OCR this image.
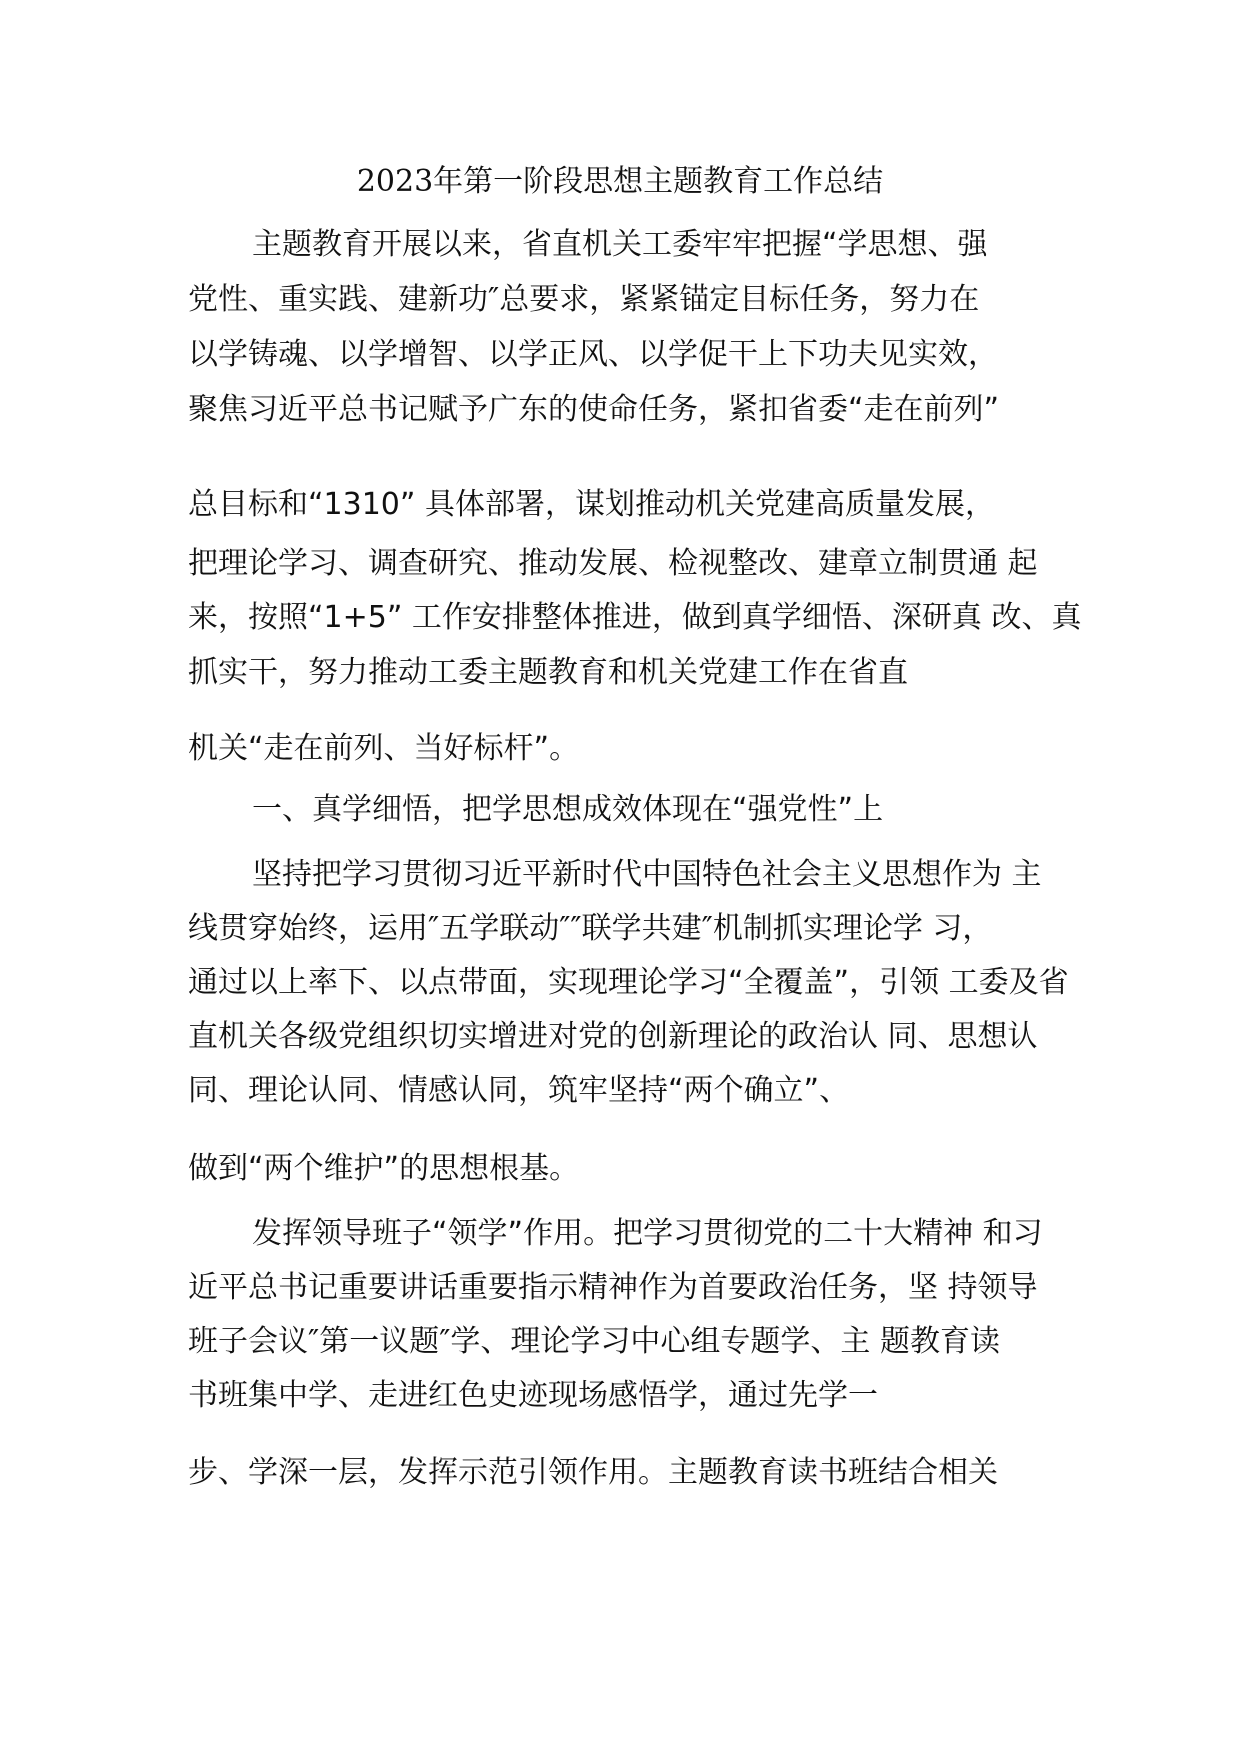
2023年第一阶段思想主题教育工作总结

主题教育开展以来，省直机关工委牢牢把握“学思想、强

党性、重实践、建新功″总要求，紧紧锚定目标任务，努力在

以学铸魂、以学增智、以学正风、以学促干上下功夫见实效，

聚焦习近平总书记赋予广东的使命任务，紧扣省委“走在前列”

总目标和“1310” 具体部署，谋划推动机关党建高质量发展，

把理论学习、调查研究、推动发展、检视整改、建章立制贯通 起

来，按照“1+5” 工作安排整体推进，做到真学细悟、深研真 改、真

抓实干，努力推动工委主题教育和机关党建工作在省直

机关“走在前列、当好标杆”。

一、真学细悟，把学思想成效体现在“强党性”上

坚持把学习贯彻习近平新时代中国特色社会主义思想作为 主

线贯穿始终，运用″五学联动″″联学共建″机制抓实理论学 习，

通过以上率下、以点带面，实现理论学习“全覆盖”，引领 工委及省

直机关各级党组织切实增进对党的创新理论的政治认 同、思想认

同、理论认同、情感认同，筑牢坚持“两个确立”、

做到“两个维护”的思想根基。

发挥领导班子“领学”作用。把学习贯彻党的二十大精神 和习

近平总书记重要讲话重要指示精神作为首要政治任务，坚 持领导

班子会议″第一议题″学、理论学习中心组专题学、主 题教育读

书班集中学、走进红色史迹现场感悟学，通过先学一

步、学深一层，发挥示范引领作用。主题教育读书班结合相关
